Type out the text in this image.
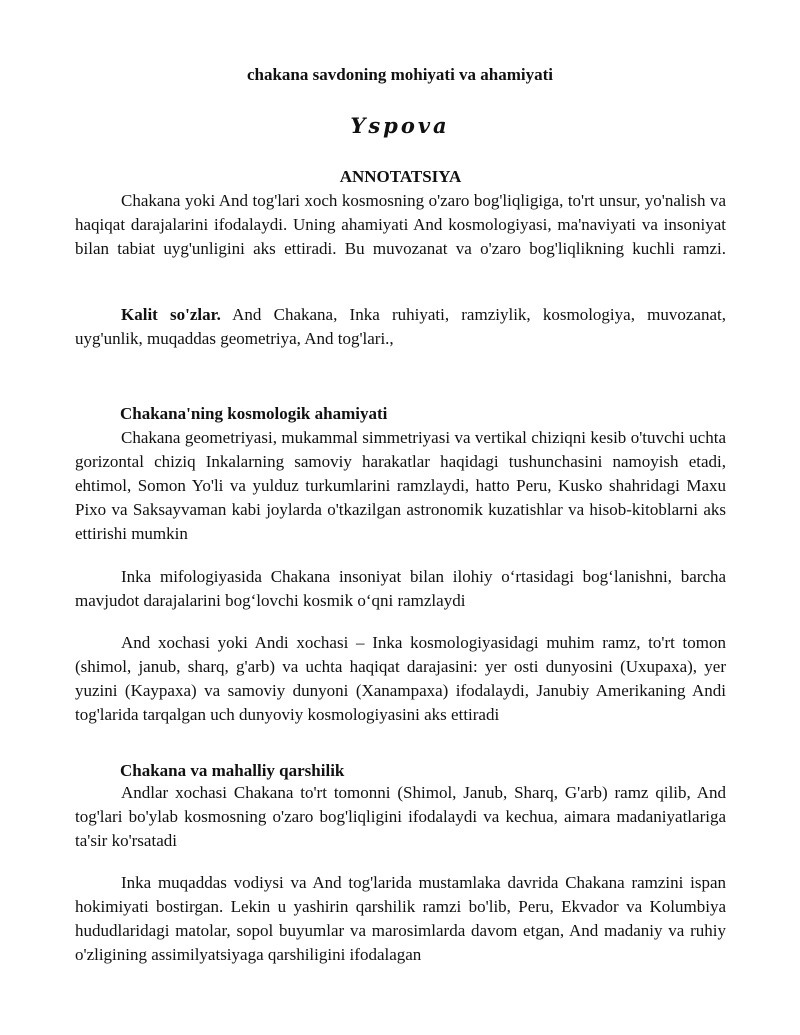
chakana savdoning mohiyati va ahamiyati
Yspova
ANNOTATSIYA

Chakana yoki And tog'lari xoch kosmosning o'zaro bog'liqligiga, to'rt unsur, yo'nalish va haqiqat darajalarini ifodalaydi. Uning ahamiyati And kosmologiyasi, ma'naviyati va insoniyat bilan tabiat uyg'unligini aks ettiradi. Bu muvozanat va o'zaro bog'liqlikning kuchli ramzi.

Kalit so'zlar. And Chakana, Inka ruhiyati, ramziylik, kosmologiya, muvozanat, uyg'unlik, muqaddas geometriya, And tog'lari.,

Chakana'ning kosmologik ahamiyati

Chakana geometriyasi, mukammal simmetriyasi va vertikal chiziqni kesib o'tuvchi uchta gorizontal chiziq Inkalarning samoviy harakatlar haqidagi tushunchasini namoyish etadi, ehtimol, Somon Yo'li va yulduz turkumlarini ramzlaydi, hatto Peru, Kusko shahridagi Maxu Pixo va Saksayvaman kabi joylarda o'tkazilgan astronomik kuzatishlar va hisob-kitoblarni aks ettirishi mumkin

Inka mifologiyasida Chakana insoniyat bilan ilohiy o‘rtasidagi bog‘lanishni, barcha mavjudot darajalarini bog‘lovchi kosmik o‘qni ramzlaydi

And xochasi yoki Andi xochasi – Inka kosmologiyasidagi muhim ramz, to'rt tomon (shimol, janub, sharq, g'arb) va uchta haqiqat darajasini: yer osti dunyosini (Uxupaxa), yer yuzini (Kaypaxa) va samoviy dunyoni (Xanampaxa) ifodalaydi, Janubiy Amerikaning Andi tog'larida tarqalgan uch dunyoviy kosmologiyasini aks ettiradi

Chakana va mahalliy qarshilik

Andlar xochasi Chakana to'rt tomonni (Shimol, Janub, Sharq, G'arb) ramz qilib, And tog'lari bo'ylab kosmosning o'zaro bog'liqligini ifodalaydi va kechua, aimara madaniyatlariga ta'sir ko'rsatadi

Inka muqaddas vodiysi va And tog'larida mustamlaka davrida Chakana ramzini ispan hokimiyati bostirgan. Lekin u yashirin qarshilik ramzi bo'lib, Peru, Ekvador va Kolumbiya hududlaridagi matolar, sopol buyumlar va marosimlarda davom etgan, And madaniy va ruhiy o'zligining assimilyatsiyaga qarshiligini ifodalagan
